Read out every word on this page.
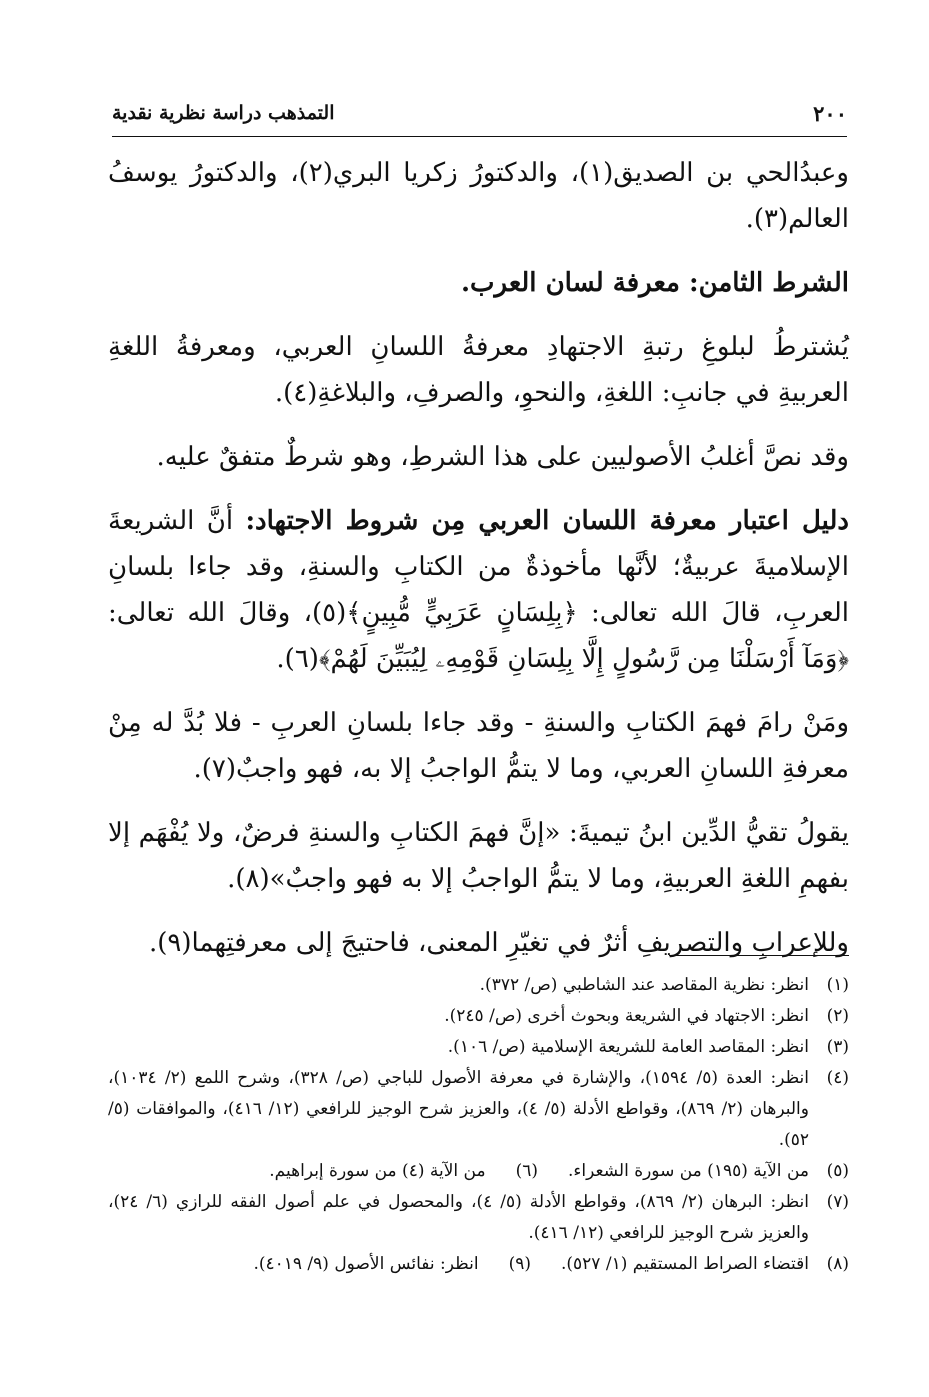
٢٠٠
التمذهب دراسة نظرية نقدية

وعبدُالحي بن الصديق(١)، والدكتورُ زكريا البري(٢)، والدكتورُ يوسفُ العالم(٣).

الشرط الثامن: معرفة لسان العرب.

يُشترطُ لبلوغِ رتبةِ الاجتهادِ معرفةُ اللسانِ العربي، ومعرفةُ اللغةِ العربيةِ في جانبِ: اللغةِ، والنحوِ، والصرفِ، والبلاغةِ(٤).

وقد نصَّ أغلبُ الأصوليين على هذا الشرطِ، وهو شرطٌ متفقٌ عليه.

دليل اعتبار معرفة اللسان العربي مِن شروط الاجتهاد: أنَّ الشريعةَ الإسلاميةَ عربيةٌ؛ لأنَّها مأخوذةٌ من الكتابِ والسنةِ، وقد جاءا بلسانِ العربِ، قالَ الله تعالى: ﴿بِلِسَانٍ عَرَبِيٍّ مُّبِينٍ﴾(٥)، وقالَ الله تعالى: ﴿وَمَآ أَرْسَلْنَا مِن رَّسُولٍ إِلَّا بِلِسَانِ قَوْمِهِۦ لِيُبَيِّنَ لَهُمْ﴾(٦).

ومَنْ رامَ فهمَ الكتابِ والسنةِ - وقد جاءا بلسانِ العربِ - فلا بُدَّ له مِنْ معرفةِ اللسانِ العربي، وما لا يتمُّ الواجبُ إلا به، فهو واجبٌ(٧).

يقولُ تقيُّ الدِّين ابنُ تيميةَ: «إنَّ فهمَ الكتابِ والسنةِ فرضٌ، ولا يُفْهَم إلا بفهمِ اللغةِ العربيةِ، وما لا يتمُّ الواجبُ إلا به فهو واجبٌ»(٨).

وللإعرابِ والتصريفِ أثرٌ في تغيّرِ المعنى، فاحتيجَ إلى معرفتِهما(٩).

(١)
انظر: نظرية المقاصد عند الشاطبي (ص/ ٣٧٢).
(٢)
انظر: الاجتهاد في الشريعة وبحوث أخرى (ص/ ٢٤٥).
(٣)
انظر: المقاصد العامة للشريعة الإسلامية (ص/ ١٠٦).
(٤)
انظر: العدة (٥/ ١٥٩٤)، والإشارة في معرفة الأصول للباجي (ص/ ٣٢٨)، وشرح اللمع (٢/ ١٠٣٤)، والبرهان (٢/ ٨٦٩)، وقواطع الأدلة (٥/ ٤)، والعزيز شرح الوجيز للرافعي (١٢/ ٤١٦)، والموافقات (٥/ ٥٢).
(٥)
من الآية (١٩٥) من سورة الشعراء.
(٦)
من الآية (٤) من سورة إبراهيم.
(٧)
انظر: البرهان (٢/ ٨٦٩)، وقواطع الأدلة (٥/ ٤)، والمحصول في علم أصول الفقه للرازي (٦/ ٢٤)، والعزيز شرح الوجيز للرافعي (١٢/ ٤١٦).
(٨)
اقتضاء الصراط المستقيم (١/ ٥٢٧).
(٩)
انظر: نفائس الأصول (٩/ ٤٠١٩).
